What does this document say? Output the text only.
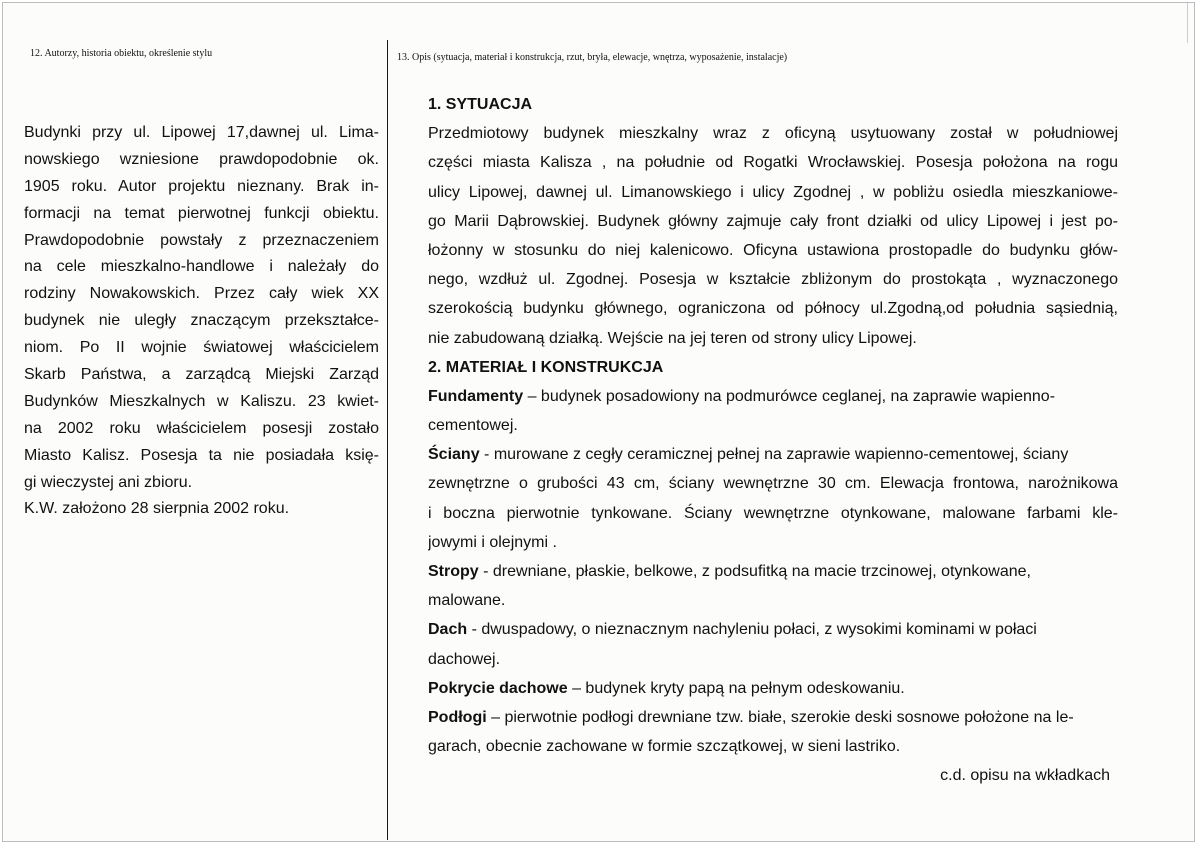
12. Autorzy, historia obiektu, określenie stylu	13. Opis (sytuacja, materiał i konstrukcja, rzut, bryła, elewacje, wnętrza, wyposażenie, instalacje)
Budynki przy ul. Lipowej 17,dawnej ul. Lima-
nowskiego wzniesione prawdopodobnie ok.
1905 roku. Autor projektu nieznany. Brak in-
formacji na temat pierwotnej funkcji obiektu.
Prawdopodobnie powstały z przeznaczeniem
na cele mieszkalno-handlowe i należały do
rodziny Nowakowskich. Przez cały wiek XX
budynek nie uległy znaczącym przekształce-
niom. Po II wojnie światowej właścicielem
Skarb Państwa, a zarządcą Miejski Zarząd
Budynków Mieszkalnych w Kaliszu. 23 kwiet-
na 2002 roku właścicielem posesji zostało
Miasto Kalisz. Posesja ta nie posiadała księ-
gi wieczystej ani zbioru.
K.W. założono 28 sierpnia 2002 roku.
1. SYTUACJA
Przedmiotowy budynek mieszkalny wraz z oficyną usytuowany został w południowej
części miasta Kalisza , na południe od Rogatki Wrocławskiej. Posesja położona na rogu
ulicy Lipowej, dawnej ul. Limanowskiego i ulicy Zgodnej , w pobliżu osiedla mieszkaniowe-
go Marii Dąbrowskiej. Budynek główny zajmuje cały front działki od ulicy Lipowej i jest po-
łożonny w stosunku do niej kalenicowo. Oficyna ustawiona prostopadle do budynku głów-
nego, wzdłuż ul. Zgodnej. Posesja w kształcie zbliżonym do prostokąta , wyznaczonego
szerokością budynku głównego, ograniczona od północy ul.Zgodną,od południa sąsiednią,
nie zabudowaną działką. Wejście na jej teren od strony ulicy Lipowej.
2. MATERIAŁ I KONSTRUKCJA
Fundamenty – budynek posadowiony na podmurówce ceglanej, na zaprawie wapienno-
cementowej.
Ściany - murowane z cegły ceramicznej pełnej na zaprawie wapienno-cementowej, ściany
zewnętrzne o grubości 43 cm, ściany wewnętrzne 30 cm. Elewacja frontowa, narożnikowa
i boczna pierwotnie tynkowane. Ściany wewnętrzne otynkowane, malowane farbami kle-
jowymi i olejnymi .
Stropy - drewniane, płaskie, belkowe, z podsufitką na macie trzcinowej, otynkowane,
malowane.
Dach - dwuspadowy, o nieznacznym nachyleniu połaci, z wysokimi kominami w połaci
dachowej.
Pokrycie dachowe – budynek kryty papą na pełnym odeskowaniu.
Podłogi – pierwotnie podłogi drewniane tzw. białe, szerokie deski sosnowe położone na le-
garach, obecnie zachowane w formie szczątkowej, w sieni lastriko.
c.d. opisu na wkładkach
